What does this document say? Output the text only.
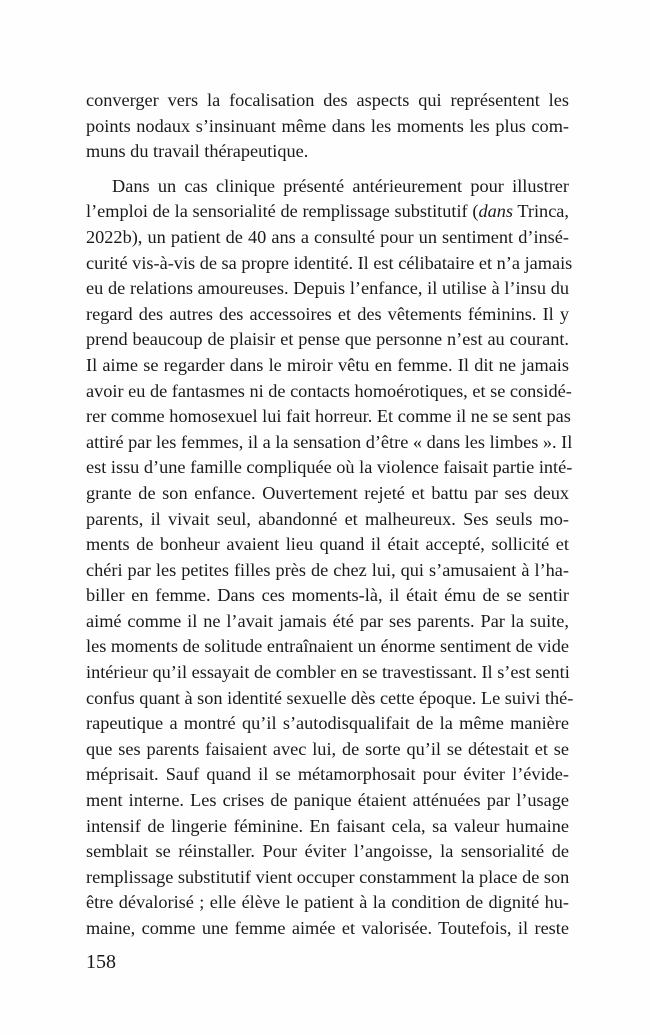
converger vers la focalisation des aspects qui représentent les
points nodaux s’insinuant même dans les moments les plus com-
muns du travail thérapeutique.
Dans un cas clinique présenté antérieurement pour illustrer
l’emploi de la sensorialité de remplissage substitutif (dans Trinca,
2022b), un patient de 40 ans a consulté pour un sentiment d’insé-
curité vis-à-vis de sa propre identité. Il est célibataire et n’a jamais
eu de relations amoureuses. Depuis l’enfance, il utilise à l’insu du
regard des autres des accessoires et des vêtements féminins. Il y
prend beaucoup de plaisir et pense que personne n’est au courant.
Il aime se regarder dans le miroir vêtu en femme. Il dit ne jamais
avoir eu de fantasmes ni de contacts homoérotiques, et se considé-
rer comme homosexuel lui fait horreur. Et comme il ne se sent pas
attiré par les femmes, il a la sensation d’être « dans les limbes ». Il
est issu d’une famille compliquée où la violence faisait partie inté-
grante de son enfance. Ouvertement rejeté et battu par ses deux
parents, il vivait seul, abandonné et malheureux. Ses seuls mo-
ments de bonheur avaient lieu quand il était accepté, sollicité et
chéri par les petites filles près de chez lui, qui s’amusaient à l’ha-
biller en femme. Dans ces moments-là, il était ému de se sentir
aimé comme il ne l’avait jamais été par ses parents. Par la suite,
les moments de solitude entraînaient un énorme sentiment de vide
intérieur qu’il essayait de combler en se travestissant. Il s’est senti
confus quant à son identité sexuelle dès cette époque. Le suivi thé-
rapeutique a montré qu’il s’autodisqualifait de la même manière
que ses parents faisaient avec lui, de sorte qu’il se détestait et se
méprisait. Sauf quand il se métamorphosait pour éviter l’évide-
ment interne. Les crises de panique étaient atténuées par l’usage
intensif de lingerie féminine. En faisant cela, sa valeur humaine
semblait se réinstaller. Pour éviter l’angoisse, la sensorialité de
remplissage substitutif vient occuper constamment la place de son
être dévalorisé ; elle élève le patient à la condition de dignité hu-
maine, comme une femme aimée et valorisée. Toutefois, il reste
158
